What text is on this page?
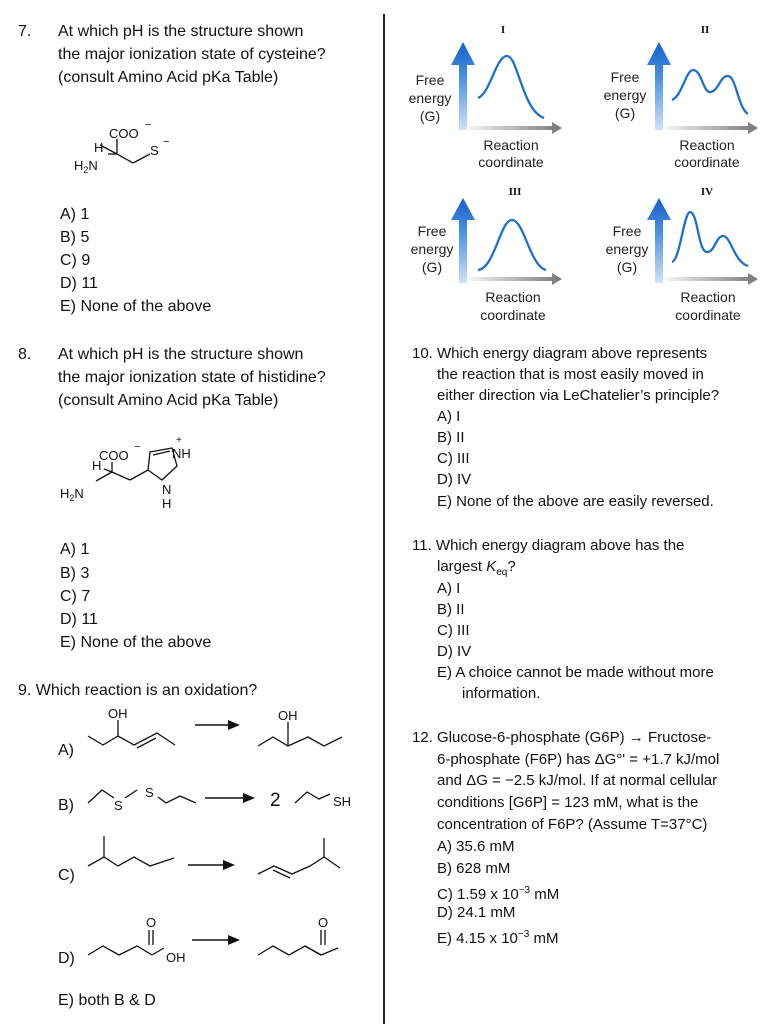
7. At which pH is the structure shown
the major ionization state of cysteine?
(consult Amino Acid pKa Table)
COO
−
H
$H_2N$
S
−
A) 1
B) 5
C) 9
D) 11
E) None of the above
8. At which pH is the structure shown
the major ionization state of histidine?
(consult Amino Acid pKa Table)
COO
−
H
$H_2N$
NH
+
N
H
A) 1
B) 3
C) 7
D) 11
E) None of the above
9. Which reaction is an oxidation?
A)
B)
C)
D)
E) both B & D
OH	OH
S
S	2	SH
O
OH
O
I
Free
energy
(G)
Reaction
coordinate
II
Free
energy
(G)
Reaction
coordinate
III
Free
energy
(G)
Reaction
coordinate
IV
Free
energy
(G)
Reaction
coordinate
10. Which energy diagram above represents
the reaction that is most easily moved in
either direction via LeChatelier’s principle?
A) I
B) II
C) III
D) IV
E) None of the above are easily reversed.
11. Which energy diagram above has the
largest $K_{eq}$?
A) I
B) II
C) III
D) IV
E) A choice cannot be made without more
information.
12. Glucose-6-phosphate (G6P) → Fructose-
6-phosphate (F6P) has ΔG°' = +1.7 kJ/mol
and ΔG = −2.5 kJ/mol. If at normal cellular
conditions [G6P] = 123 mM, what is the
concentration of F6P? (Assume T=37°C)
A) 35.6 mM
B) 628 mM
C) 1.59 x $10^{-3}$ mM
D) 24.1 mM
E) 4.15 x $10^{-3}$ mM
